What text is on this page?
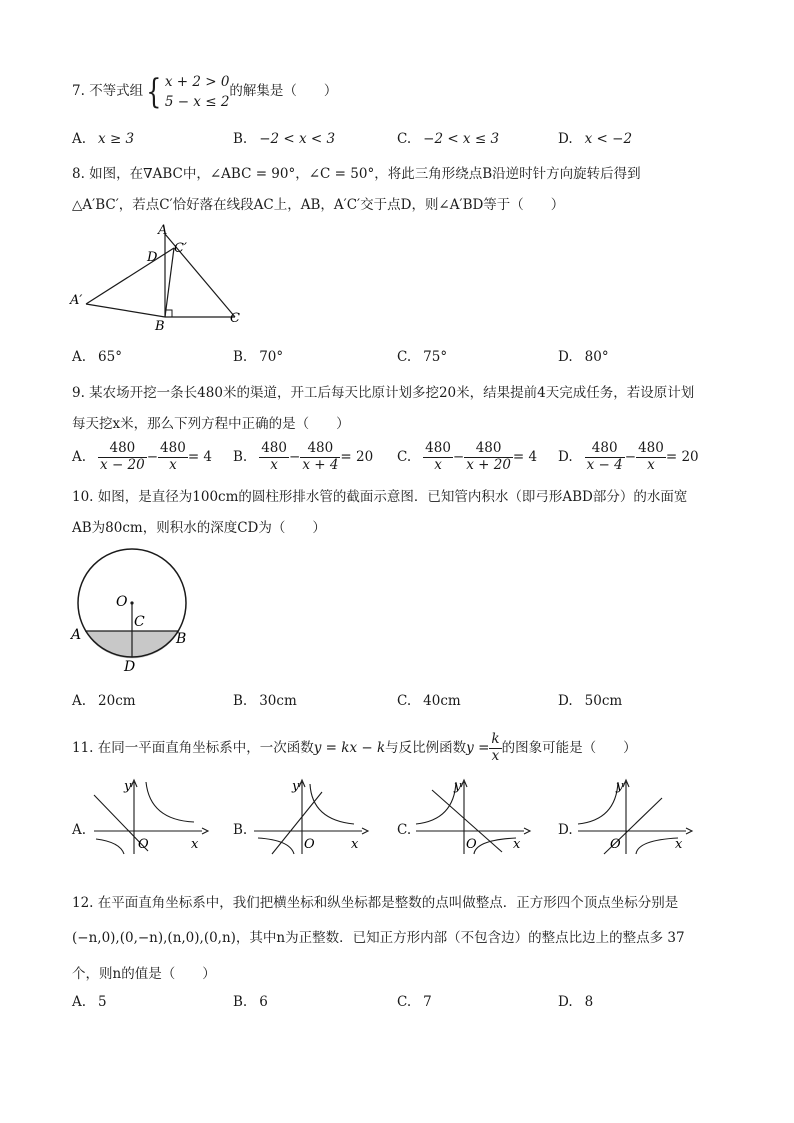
7. 不等式组{ x + 2 > 0
5 − x ≤ 2
的解集是（　　）
A. x ≥ 3	B. −2 < x < 3	C. −2 < x ≤ 3	D. x < −2
8. 如图，在∇ABC中，∠ABC = 90°，∠C = 50°，将此三角形绕点B沿逆时针方向旋转后得到
△A′BC′，若点C′恰好落在线段AC上，AB，A′C′交于点D，则∠A′BD等于（　　）
A
C′
D
A′
B
C
A. 65°	B. 70°	C. 75°	D. 80°
9. 某农场开挖一条长480米的渠道，开工后每天比原计划多挖20米，结果提前4天完成任务，若设原计划
每天挖x米，那么下列方程中正确的是（　　）
A. $\frac{480}{x - 20} - \frac{480}{x} = 4$ B. $\frac{480}{x} - \frac{480}{x + 4} = 20$ C. $\frac{480}{x} - \frac{480}{x + 20} = 4$ D. $\frac{480}{x - 4} - \frac{480}{x} = 20$
10. 如图，是直径为100cm的圆柱形排水管的截面示意图．已知管内积水（即弓形ABD部分）的水面宽
AB为80cm，则积水的深度CD为（　　）
O
C
A	B
D
A. 20cm	B. 30cm	C. 40cm	D. 50cm
11. 在同一平面直角坐标系中，一次函数y = kx − k与反比例函数$y = \frac{k}{x}$ 的图象可能是（　　）
A.
y
O	x
B.
y
O	x
C.
y
O	x
D.
y
O	x
12. 在平面直角坐标系中，我们把横坐标和纵坐标都是整数的点叫做整点．正方形四个顶点坐标分别是
(−n,0),(0,−n),(n,0),(0,n)，其中n为正整数．已知正方形内部（不包含边）的整点比边上的整点多 37
个，则n的值是（　　）
A. 5	B. 6	C. 7	D. 8
